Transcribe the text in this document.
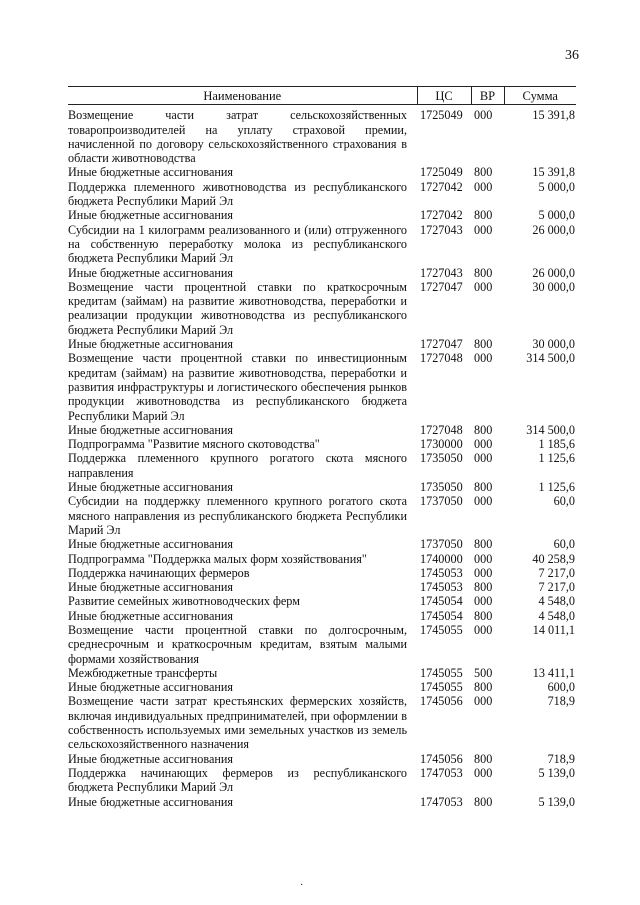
36
Наименование	ЦС	ВР	Сумма
Возмещение части затрат сельскохозяйственных товаропроизводителей на уплату страховой премии, начисленной по договору сельскохозяйственного страхования в области животноводства	1725049	000	15 391,8
Иные бюджетные ассигнования	1725049	800	15 391,8
Поддержка племенного животноводства из республиканского бюджета Республики Марий Эл	1727042	000	5 000,0
Иные бюджетные ассигнования	1727042	800	5 000,0
Субсидии на 1 килограмм реализованного и (или) отгруженного на собственную переработку молока из республиканского бюджета Республики Марий Эл	1727043	000	26 000,0
Иные бюджетные ассигнования	1727043	800	26 000,0
Возмещение части процентной ставки по краткосрочным кредитам (займам) на развитие животноводства, переработки и реализации продукции животноводства из республиканского бюджета Республики Марий Эл	1727047	000	30 000,0
Иные бюджетные ассигнования	1727047	800	30 000,0
Возмещение части процентной ставки по инвестиционным кредитам (займам) на развитие животноводства, переработки и развития инфраструктуры и логистического обеспечения рынков продукции животноводства из республиканского бюджета Республики Марий Эл	1727048	000	314 500,0
Иные бюджетные ассигнования	1727048	800	314 500,0
Подпрограмма "Развитие мясного скотоводства"	1730000	000	1 185,6
Поддержка племенного крупного рогатого скота мясного направления	1735050	000	1 125,6
Иные бюджетные ассигнования	1735050	800	1 125,6
Субсидии на поддержку племенного крупного рогатого скота мясного направления из республиканского бюджета Республики Марий Эл	1737050	000	60,0
Иные бюджетные ассигнования	1737050	800	60,0
Подпрограмма "Поддержка малых форм хозяйствования"	1740000	000	40 258,9
Поддержка начинающих фермеров	1745053	000	7 217,0
Иные бюджетные ассигнования	1745053	800	7 217,0
Развитие семейных животноводческих ферм	1745054	000	4 548,0
Иные бюджетные ассигнования	1745054	800	4 548,0
Возмещение части процентной ставки по долгосрочным, среднесрочным и краткосрочным кредитам, взятым малыми формами хозяйствования	1745055	000	14 011,1
Межбюджетные трансферты	1745055	500	13 411,1
Иные бюджетные ассигнования	1745055	800	600,0
Возмещение части затрат крестьянских фермерских хозяйств, включая индивидуальных предпринимателей, при оформлении в собственность используемых ими земельных участков из земель сельскохозяйственного назначения	1745056	000	718,9
Иные бюджетные ассигнования	1745056	800	718,9
Поддержка начинающих фермеров из республиканского бюджета Республики Марий Эл	1747053	000	5 139,0
Иные бюджетные ассигнования	1747053	800	5 139,0
·
